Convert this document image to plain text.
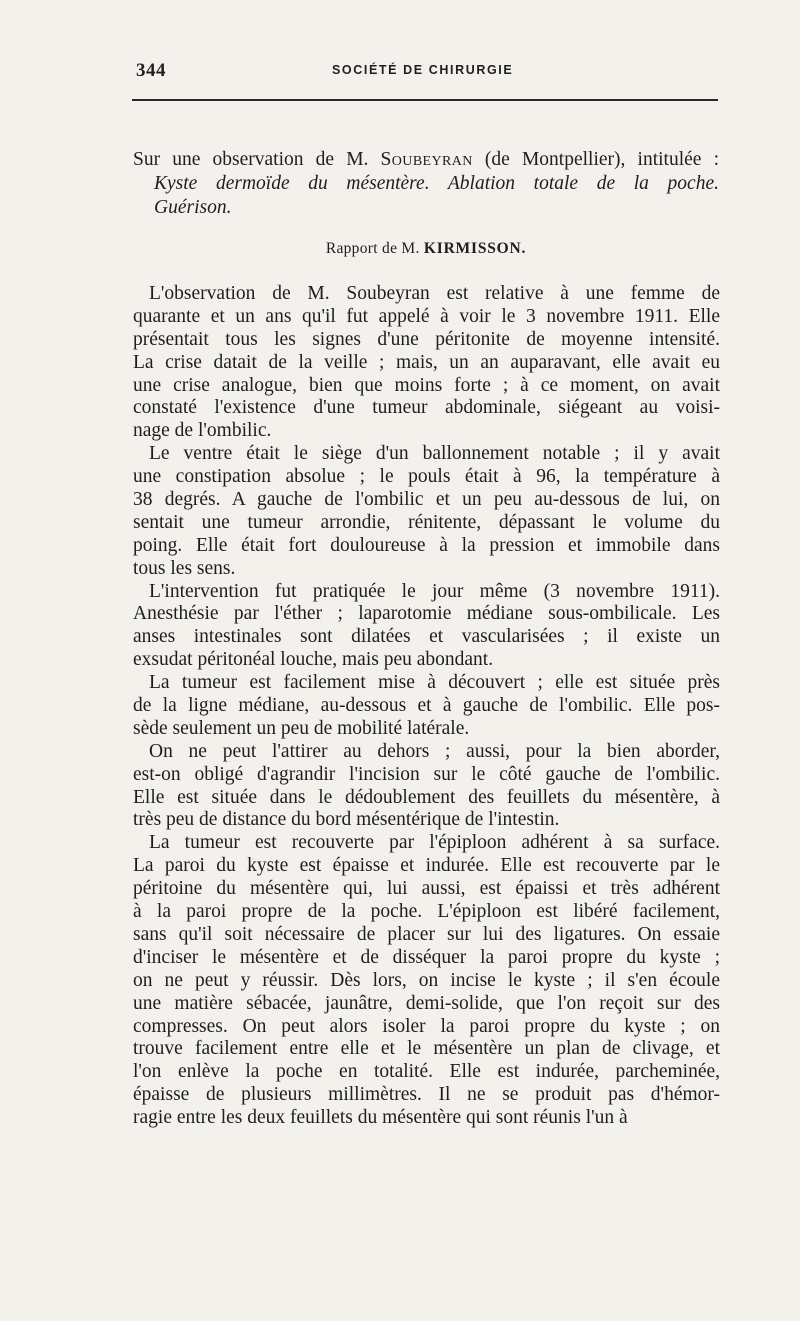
344	SOCIÉTÉ DE CHIRURGIE
Sur une observation de M. Soubeyran (de Montpellier), intitulée :
Kyste dermoïde du mésentère. Ablation totale de la poche.
Guérison.
Rapport de M. KIRMISSON.
L'observation de M. Soubeyran est relative à une femme de
quarante et un ans qu'il fut appelé à voir le 3 novembre 1911. Elle
présentait tous les signes d'une péritonite de moyenne intensité.
La crise datait de la veille ; mais, un an auparavant, elle avait eu
une crise analogue, bien que moins forte ; à ce moment, on avait
constaté l'existence d'une tumeur abdominale, siégeant au voisi-
nage de l'ombilic.
Le ventre était le siège d'un ballonnement notable ; il y avait
une constipation absolue ; le pouls était à 96, la température à
38 degrés. A gauche de l'ombilic et un peu au-dessous de lui, on
sentait une tumeur arrondie, rénitente, dépassant le volume du
poing. Elle était fort douloureuse à la pression et immobile dans
tous les sens.
L'intervention fut pratiquée le jour même (3 novembre 1911).
Anesthésie par l'éther ; laparotomie médiane sous-ombilicale. Les
anses intestinales sont dilatées et vascularisées ; il existe un
exsudat péritonéal louche, mais peu abondant.
La tumeur est facilement mise à découvert ; elle est située près
de la ligne médiane, au-dessous et à gauche de l'ombilic. Elle pos-
sède seulement un peu de mobilité latérale.
On ne peut l'attirer au dehors ; aussi, pour la bien aborder,
est-on obligé d'agrandir l'incision sur le côté gauche de l'ombilic.
Elle est située dans le dédoublement des feuillets du mésentère, à
très peu de distance du bord mésentérique de l'intestin.
La tumeur est recouverte par l'épiploon adhérent à sa surface.
La paroi du kyste est épaisse et indurée. Elle est recouverte par le
péritoine du mésentère qui, lui aussi, est épaissi et très adhérent
à la paroi propre de la poche. L'épiploon est libéré facilement,
sans qu'il soit nécessaire de placer sur lui des ligatures. On essaie
d'inciser le mésentère et de disséquer la paroi propre du kyste ;
on ne peut y réussir. Dès lors, on incise le kyste ; il s'en écoule
une matière sébacée, jaunâtre, demi-solide, que l'on reçoit sur des
compresses. On peut alors isoler la paroi propre du kyste ; on
trouve facilement entre elle et le mésentère un plan de clivage, et
l'on enlève la poche en totalité. Elle est indurée, parcheminée,
épaisse de plusieurs millimètres. Il ne se produit pas d'hémor-
ragie entre les deux feuillets du mésentère qui sont réunis l'un à
